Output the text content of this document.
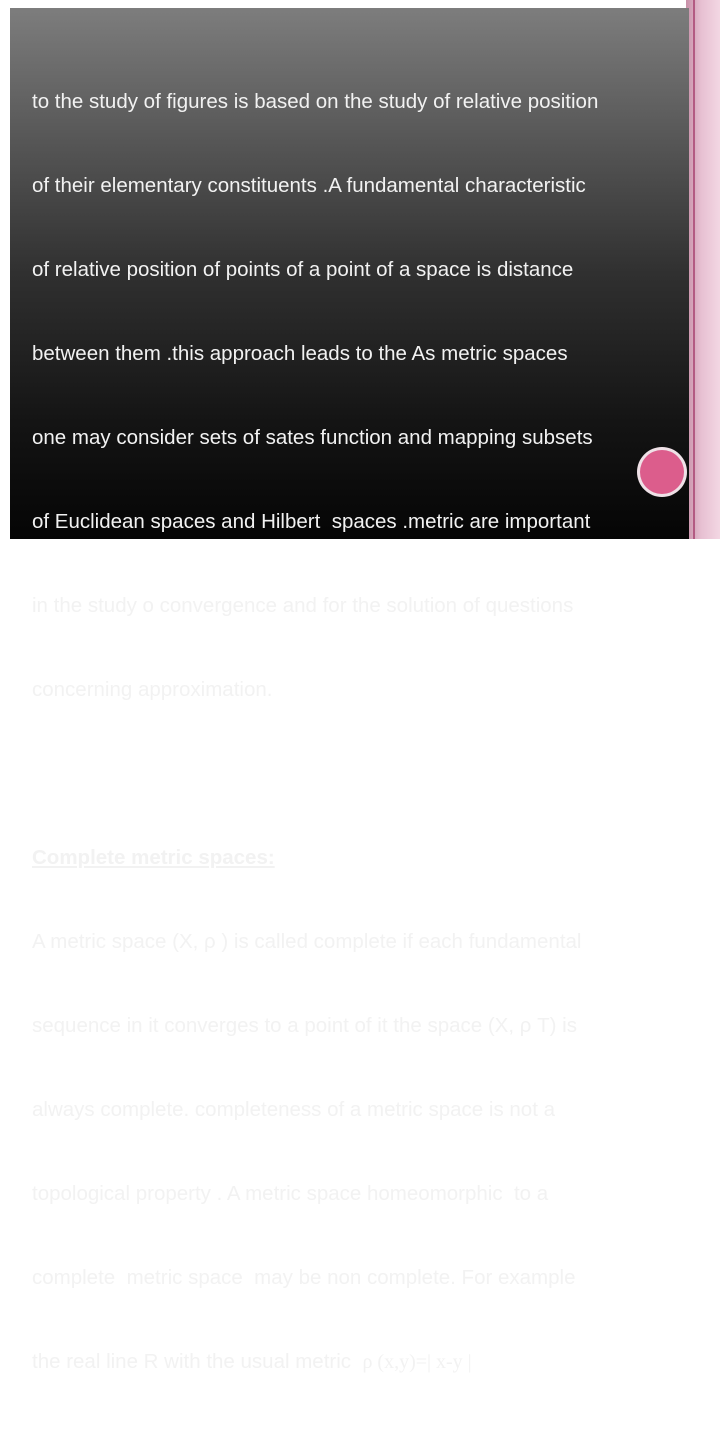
to the study of figures is based on the study of relative position

of their elementary constituents .A fundamental characteristic

of relative position of points of a point of a space is distance

between them .this approach leads to the As metric spaces

one may consider sets of sates function and mapping subsets

of Euclidean spaces and Hilbert  spaces .metric are important

in the study o convergence and for the solution of questions

concerning approximation.

Complete metric spaces:

A metric space (X, ρ ) is called complete if each fundamental

sequence in it converges to a point of it the space (X, ρ T) is

always complete. completeness of a metric space is not a

topological property . A metric space homeomorphic  to a

complete  metric space  may be non complete. For example

the real line R with the usual metric  ρ (x,y)=| x-y |
